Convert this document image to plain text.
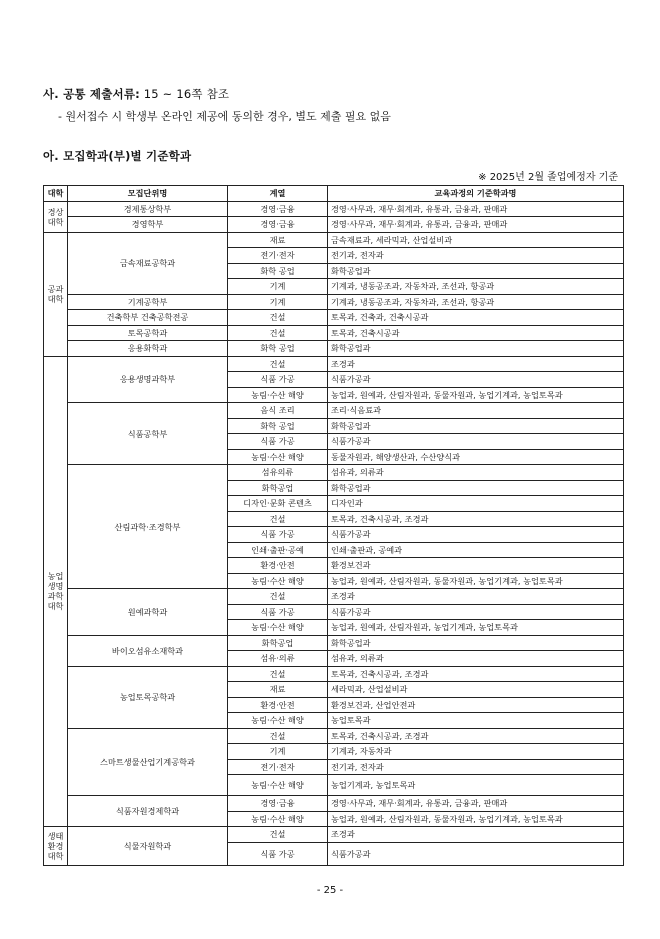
사. 공통 제출서류: 15 ~ 16쪽 참조
- 원서접수 시 학생부 온라인 제공에 동의한 경우, 별도 제출 필요 없음
아. 모집학과(부)별 기준학과
※ 2025년 2월 졸업예정자 기준
대학	모집단위명	계열	교육과정의 기준학과명
경상대학	경제통상학부	경영·금융	경영·사무과, 재무·회계과, 유통과, 금융과, 판매과
	경영학부	경영·금융	경영·사무과, 재무·회계과, 유통과, 금융과, 판매과
공과대학	금속재료공학과	재료	금속재료과, 세라믹과, 산업설비과
		전기·전자	전기과, 전자과
		화학 공업	화학공업과
		기계	기계과, 냉동공조과, 자동차과, 조선과, 항공과
	기계공학부	기계	기계과, 냉동공조과, 자동차과, 조선과, 항공과
	건축학부 건축공학전공	건설	토목과, 건축과, 건축시공과
	토목공학과	건설	토목과, 건축시공과
	응용화학과	화학 공업	화학공업과
농업생명과학대학	응용생명과학부	건설	조경과
		식품 가공	식품가공과
		농림·수산 해양	농업과, 원예과, 산림자원과, 동물자원과, 농업기계과, 농업토목과
	식품공학부	음식 조리	조리·식음료과
		화학 공업	화학공업과
		식품 가공	식품가공과
		농림·수산 해양	동물자원과, 해양생산과, 수산양식과
	산림과학·조경학부	섬유의류	섬유과, 의류과
		화학공업	화학공업과
		디자인·문화 콘텐츠	디자인과
		건설	토목과, 건축시공과, 조경과
		식품 가공	식품가공과
		인쇄·출판·공예	인쇄·출판과, 공예과
		환경·안전	환경보건과
		농림·수산 해양	농업과, 원예과, 산림자원과, 동물자원과, 농업기계과, 농업토목과
	원예과학과	건설	조경과
		식품 가공	식품가공과
		농림·수산 해양	농업과, 원예과, 산림자원과, 농업기계과, 농업토목과
	바이오섬유소재학과	화학공업	화학공업과
		섬유·의류	섬유과, 의류과
	농업토목공학과	건설	토목과, 건축시공과, 조경과
		재료	세라믹과, 산업설비과
		환경·안전	환경보건과, 산업안전과
		농림·수산 해양	농업토목과
	스마트생물산업기계공학과	건설	토목과, 건축시공과, 조경과
		기계	기계과, 자동차과
		전기·전자	전기과, 전자과
		농림·수산 해양	농업기계과, 농업토목과
	식품자원경제학과	경영·금융	경영·사무과, 재무·회계과, 유통과, 금융과, 판매과
		농림·수산 해양	농업과, 원예과, 산림자원과, 동물자원과, 농업기계과, 농업토목과
생태환경대학	식물자원학과	건설	조경과
		식품 가공	식품가공과
- 25 -
